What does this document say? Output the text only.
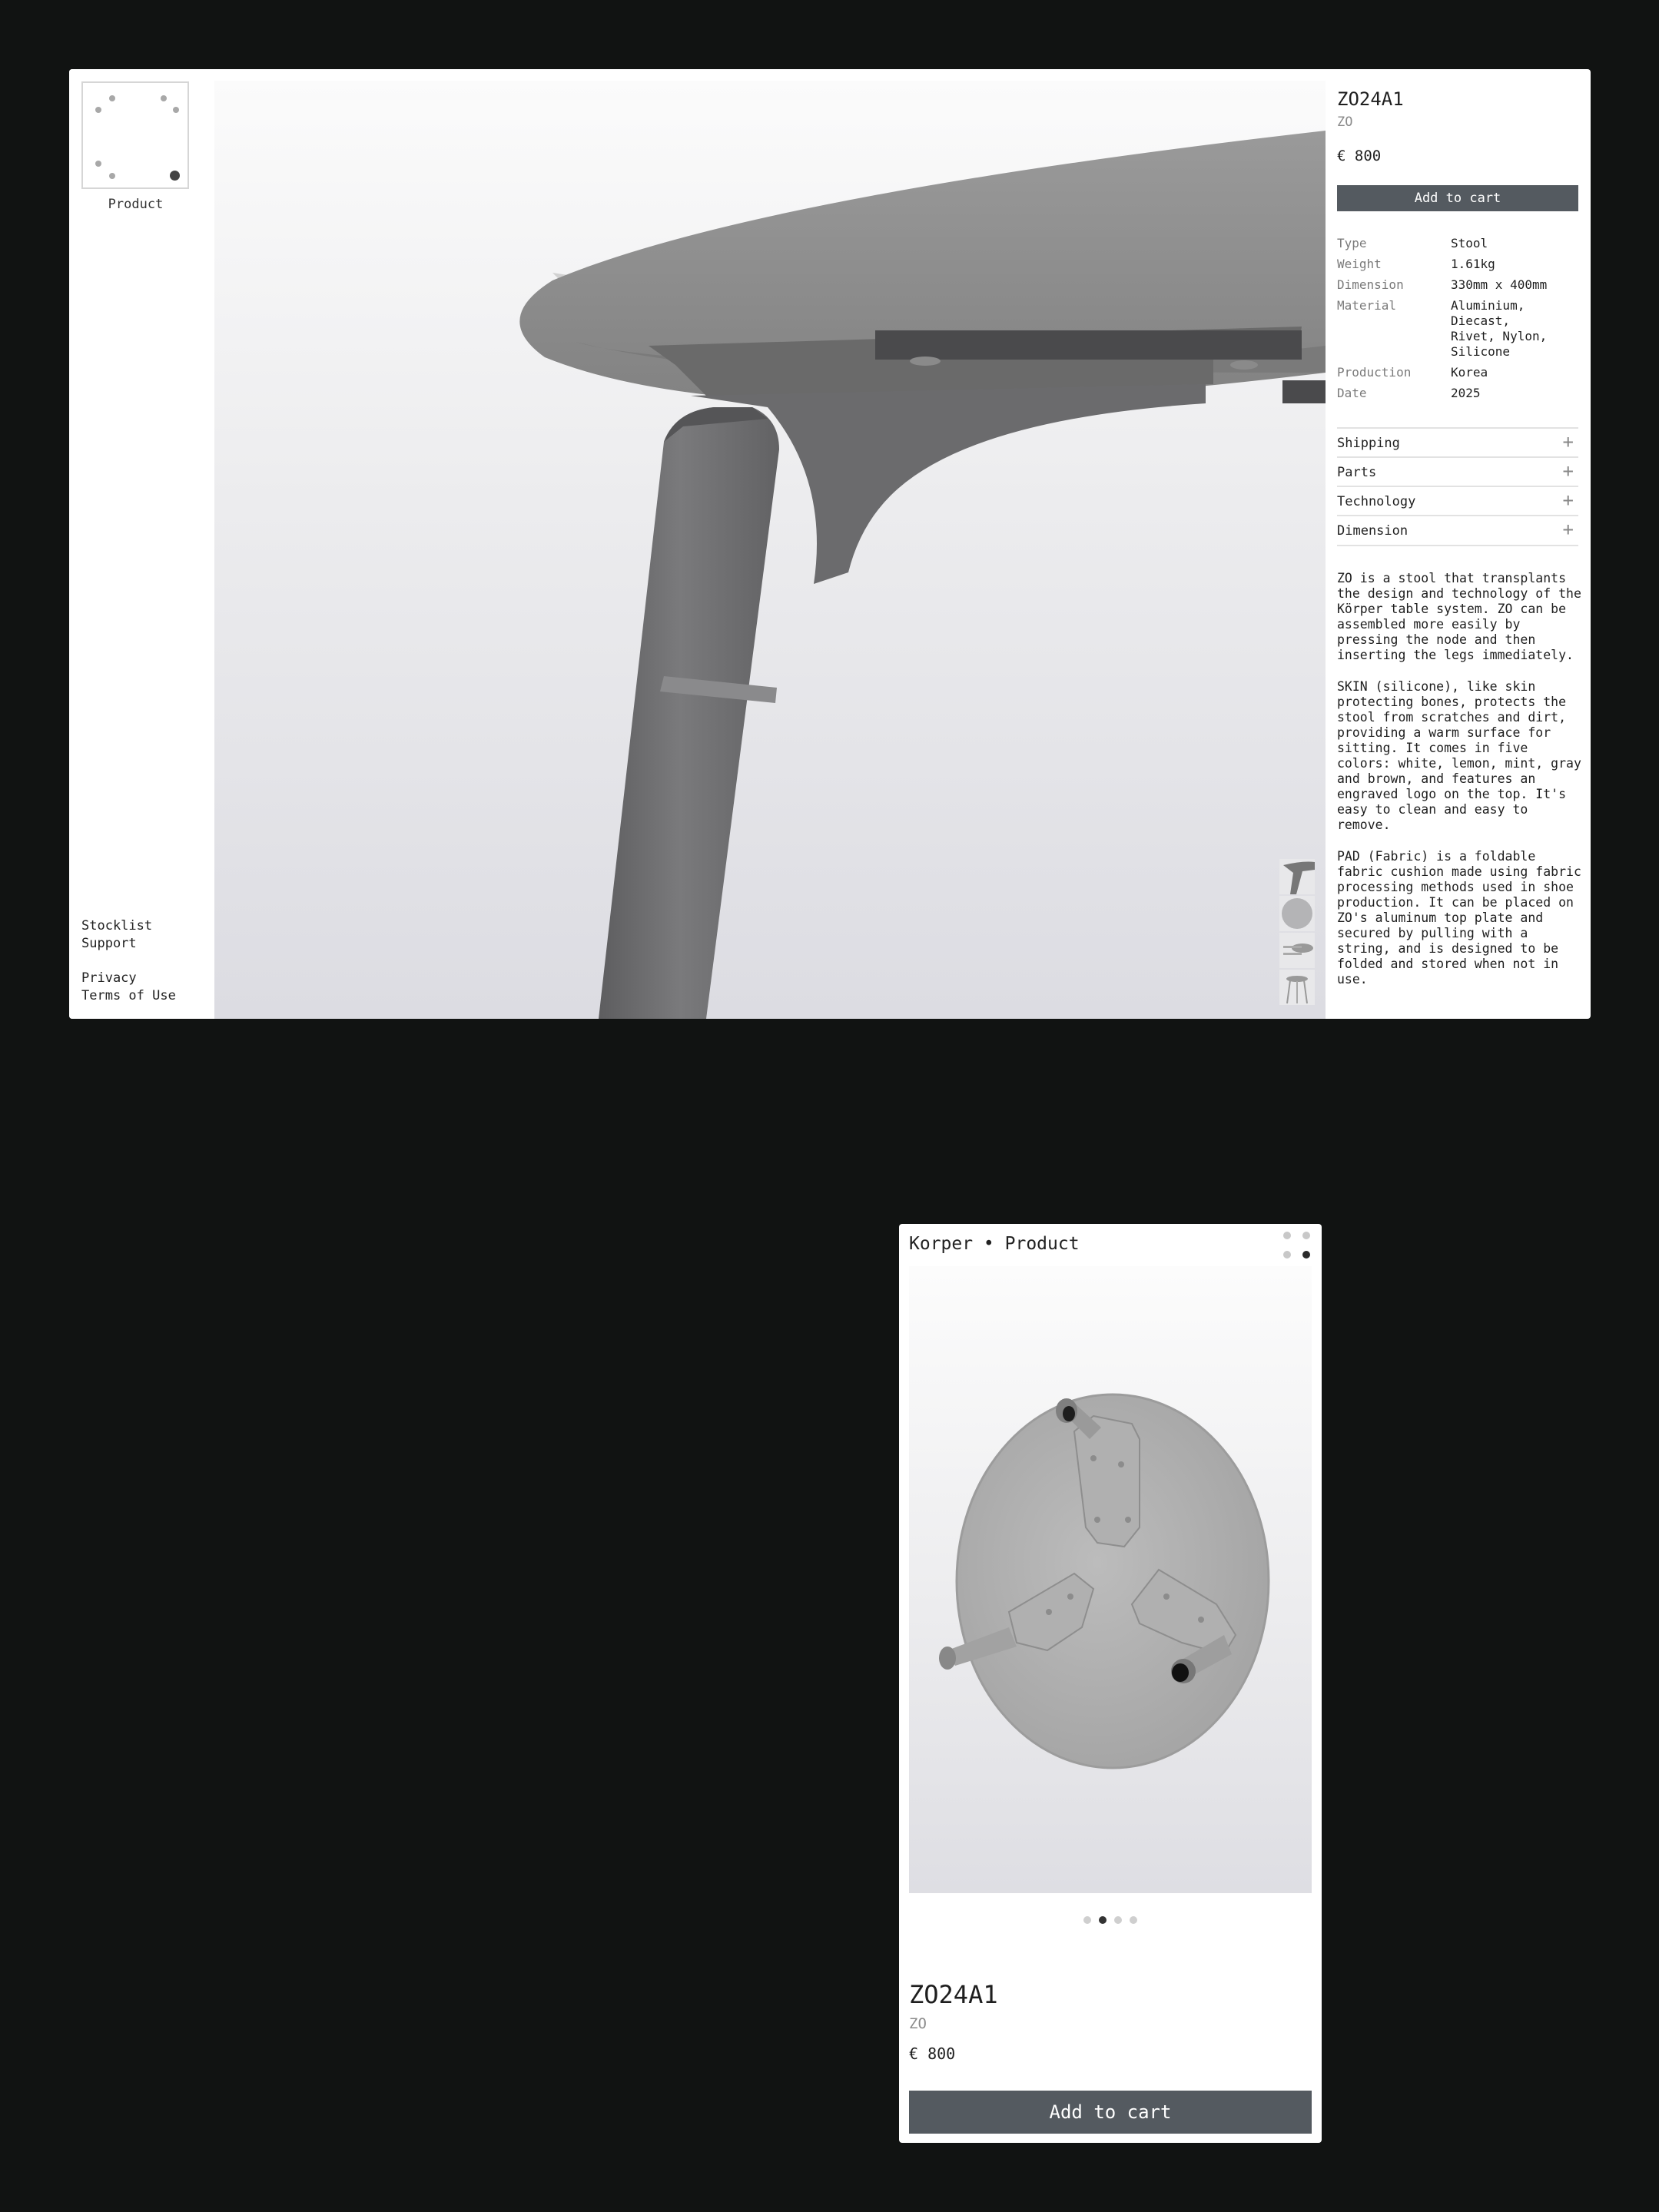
Product
Stocklist
Support
Privacy
Terms of Use
ZO24A1
ZO
€ 800
Add to cart
Type	Stool
Weight	1.61kg
Dimension	330mm x 400mm
Material	Aluminium,
Diecast,
Rivet, Nylon,
Silicone
Production	Korea
Date	2025
Shipping	+
Parts	+
Technology	+
Dimension	+
ZO is a stool that transplants the design and technology of the Körper table system. ZO can be assembled more easily by pressing the node and then inserting the legs immediately.
SKIN (silicone), like skin protecting bones, protects the stool from scratches and dirt, providing a warm surface for sitting. It comes in five colors: white, lemon, mint, gray and brown, and features an engraved logo on the top. It's easy to clean and easy to remove.
PAD (Fabric) is a foldable fabric cushion made using fabric processing methods used in shoe production. It can be placed on ZO's aluminum top plate and secured by pulling with a string, and is designed to be folded and stored when not in use.
Korper • Product
ZO24A1
ZO
€ 800
Add to cart
